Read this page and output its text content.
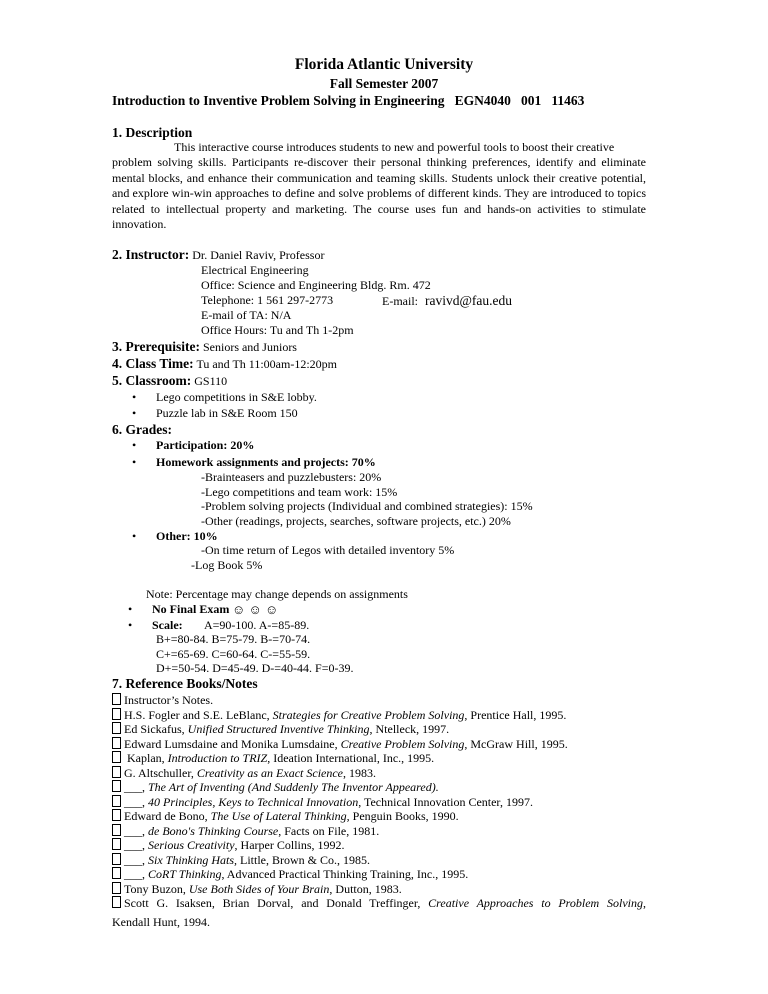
Florida Atlantic University
Fall Semester 2007
Introduction to Inventive Problem Solving in Engineering   EGN4040   001   11463
1. Description
This interactive course introduces students to new and powerful tools to boost their creative
problem solving skills. Participants re-discover their personal thinking preferences, identify and eliminate mental blocks, and enhance their communication and teaming skills. Students unlock their creative potential, and explore win-win approaches to define and solve problems of different kinds. They are introduced to topics related to intellectual property and marketing. The course uses fun and hands-on activities to stimulate innovation.
2. Instructor: Dr. Daniel Raviv, Professor
Electrical Engineering
Office: Science and Engineering Bldg. Rm. 472
Telephone: 1 561 297-2773	E-mail: ravivd@fau.edu
E-mail of TA: N/A
Office Hours: Tu and Th 1-2pm
3. Prerequisite: Seniors and Juniors
4. Class Time: Tu and Th 11:00am-12:20pm
5. Classroom: GS110
• Lego competitions in S&E lobby.
• Puzzle lab in S&E Room 150
6. Grades:
• Participation: 20%
• Homework assignments and projects: 70%
-Brainteasers and puzzlebusters: 20%
-Lego competitions and team work: 15%
-Problem solving projects (Individual and combined strategies): 15%
-Other (readings, projects, searches, software projects, etc.) 20%
• Other: 10%
-On time return of Legos with detailed inventory 5%
-Log Book 5%
Note: Percentage may change depends on assignments
• No Final Exam ☺ ☺ ☺
• Scale: A=90-100. A-=85-89.
B+=80-84. B=75-79. B-=70-74.
C+=65-69. C=60-64. C-=55-59.
D+=50-54. D=45-49. D-=40-44. F=0-39.
7. Reference Books/Notes
Instructor’s Notes.
H.S. Fogler and S.E. LeBlanc, Strategies for Creative Problem Solving, Prentice Hall, 1995.
Ed Sickafus, Unified Structured Inventive Thinking, Ntelleck, 1997.
Edward Lumsdaine and Monika Lumsdaine, Creative Problem Solving, McGraw Hill, 1995.
Kaplan, Introduction to TRIZ, Ideation International, Inc., 1995.
G. Altschuller, Creativity as an Exact Science, 1983.
___, The Art of Inventing (And Suddenly The Inventor Appeared).
___, 40 Principles, Keys to Technical Innovation, Technical Innovation Center, 1997.
Edward de Bono, The Use of Lateral Thinking, Penguin Books, 1990.
___, de Bono's Thinking Course, Facts on File, 1981.
___, Serious Creativity, Harper Collins, 1992.
___, Six Thinking Hats, Little, Brown & Co., 1985.
___, CoRT Thinking, Advanced Practical Thinking Training, Inc., 1995.
Tony Buzon, Use Both Sides of Your Brain, Dutton, 1983.
Scott G. Isaksen, Brian Dorval, and Donald Treffinger, Creative Approaches to Problem Solving,
Kendall Hunt, 1994.
